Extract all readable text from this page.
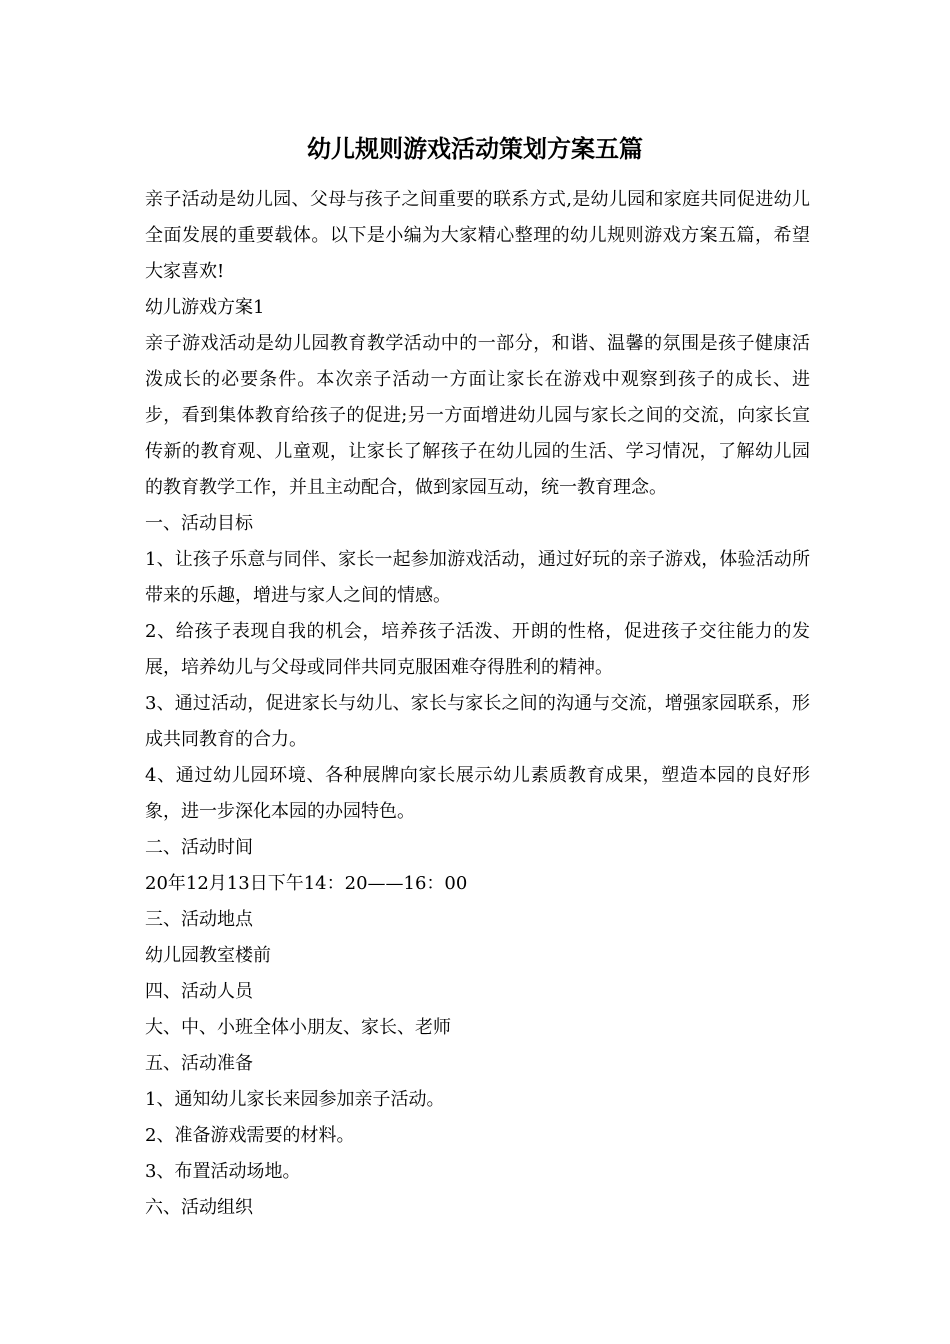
幼儿规则游戏活动策划方案五篇

亲子活动是幼儿园、父母与孩子之间重要的联系方式,是幼儿园和家庭共同促进幼儿全面发展的重要载体。以下是小编为大家精心整理的幼儿规则游戏方案五篇，希望大家喜欢!

幼儿游戏方案1

亲子游戏活动是幼儿园教育教学活动中的一部分，和谐、温馨的氛围是孩子健康活泼成长的必要条件。本次亲子活动一方面让家长在游戏中观察到孩子的成长、进步，看到集体教育给孩子的促进;另一方面增进幼儿园与家长之间的交流，向家长宣传新的教育观、儿童观，让家长了解孩子在幼儿园的生活、学习情况，了解幼儿园的教育教学工作，并且主动配合，做到家园互动，统一教育理念。

一、活动目标

1、让孩子乐意与同伴、家长一起参加游戏活动，通过好玩的亲子游戏，体验活动所带来的乐趣，增进与家人之间的情感。

2、给孩子表现自我的机会，培养孩子活泼、开朗的性格，促进孩子交往能力的发展，培养幼儿与父母或同伴共同克服困难夺得胜利的精神。

3、通过活动，促进家长与幼儿、家长与家长之间的沟通与交流，增强家园联系，形成共同教育的合力。

4、通过幼儿园环境、各种展牌向家长展示幼儿素质教育成果，塑造本园的良好形象，进一步深化本园的办园特色。

二、活动时间

20年12月13日下午14：20——16：00

三、活动地点

幼儿园教室楼前

四、活动人员

大、中、小班全体小朋友、家长、老师

五、活动准备

1、通知幼儿家长来园参加亲子活动。

2、准备游戏需要的材料。

3、布置活动场地。

六、活动组织
